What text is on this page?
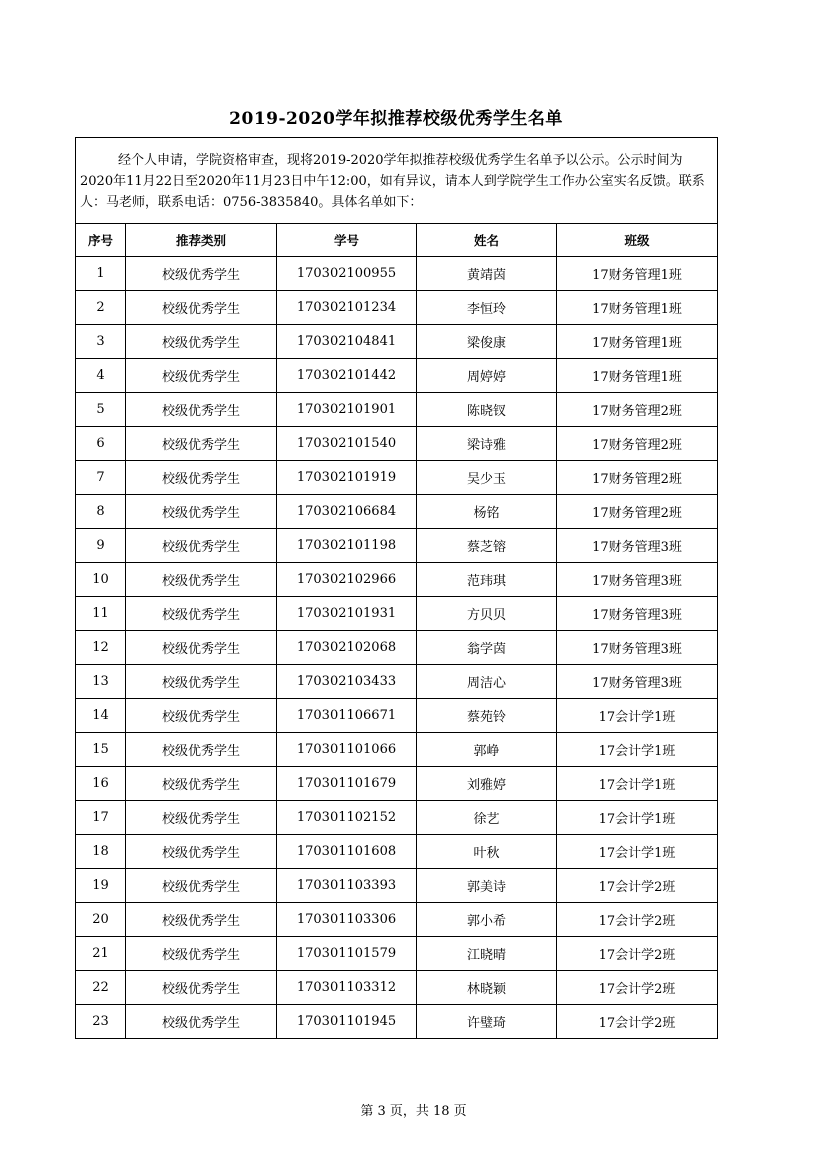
2019-2020学年拟推荐校级优秀学生名单
经个人申请，学院资格审查，现将2019-2020学年拟推荐校级优秀学生名单予以公示。公示时间为2020年11月22日至2020年11月23日中午12:00，如有异议，请本人到学院学生工作办公室实名反馈。联系人：马老师，联系电话：0756-3835840。具体名单如下：				

序号	推荐类别	学号	姓名	班级
1	校级优秀学生	170302100955	黄靖茵	17财务管理1班
2	校级优秀学生	170302101234	李恒玲	17财务管理1班
3	校级优秀学生	170302104841	梁俊康	17财务管理1班
4	校级优秀学生	170302101442	周婷婷	17财务管理1班
5	校级优秀学生	170302101901	陈晓钗	17财务管理2班
6	校级优秀学生	170302101540	梁诗雅	17财务管理2班
7	校级优秀学生	170302101919	吴少玉	17财务管理2班
8	校级优秀学生	170302106684	杨铭	17财务管理2班
9	校级优秀学生	170302101198	蔡芝镕	17财务管理3班
10	校级优秀学生	170302102966	范玮琪	17财务管理3班
11	校级优秀学生	170302101931	方贝贝	17财务管理3班
12	校级优秀学生	170302102068	翁学茵	17财务管理3班
13	校级优秀学生	170302103433	周洁心	17财务管理3班
14	校级优秀学生	170301106671	蔡苑铃	17会计学1班
15	校级优秀学生	170301101066	郭峥	17会计学1班
16	校级优秀学生	170301101679	刘雅婷	17会计学1班
17	校级优秀学生	170301102152	徐艺	17会计学1班
18	校级优秀学生	170301101608	叶秋	17会计学1班
19	校级优秀学生	170301103393	郭美诗	17会计学2班
20	校级优秀学生	170301103306	郭小希	17会计学2班
21	校级优秀学生	170301101579	江晓晴	17会计学2班
22	校级优秀学生	170301103312	林晓颖	17会计学2班
23	校级优秀学生	170301101945	许璧琦	17会计学2班
第 3 页，共 18 页
